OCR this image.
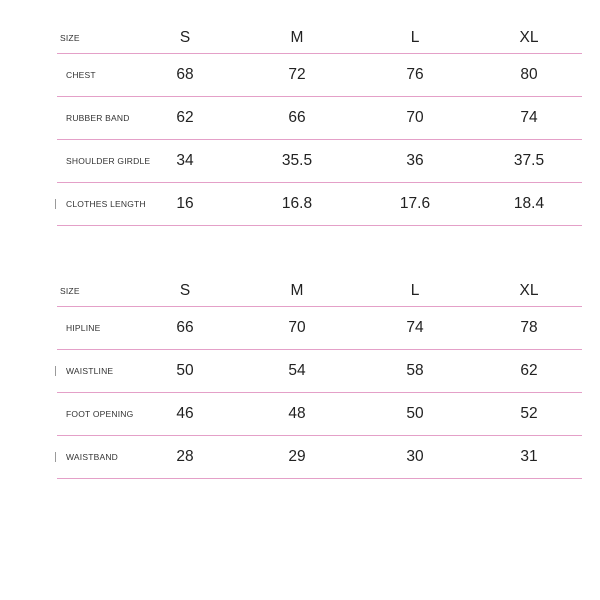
SIZE	S	M	L	XL
CHEST	68	72	76	80
RUBBER BAND	62	66	70	74
SHOULDER GIRDLE	34	35.5	36	37.5
CLOTHES LENGTH	16	16.8	17.6	18.4
SIZE	S	M	L	XL
HIPLINE	66	70	74	78
WAISTLINE	50	54	58	62
FOOT OPENING	46	48	50	52
WAISTBAND	28	29	30	31
